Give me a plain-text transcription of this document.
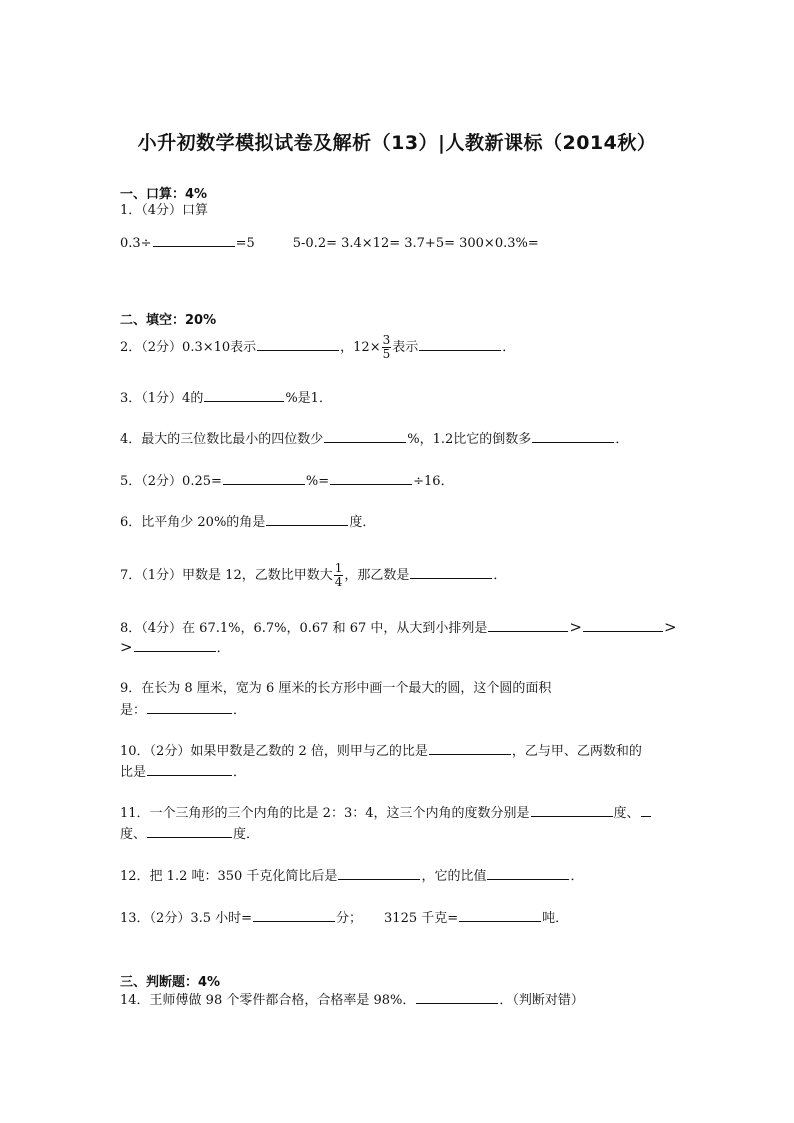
小升初数学模拟试卷及解析（13）|人教新课标（2014秋）
一、口算：4%
1．（4分）口算
0.3÷	=5	5-0.2= 3.4×12= 3.7+5= 300×0.3%=
二、填空：20%
2．（2分）0.3×10表示	，$12\times \frac{3}{5}$ 表示	．
3．（1分）4的	%是1．
4．最大的三位数比最小的四位数少	%，1.2比它的倒数多	．
5．（2分）0.25=	%=	÷16．
6．比平角少 20%的角是	度．
7．（1分）甲数是 12，乙数比甲数大 $\frac{1}{4}$ ，那乙数是	．
8．（4分）在 67.1%，6.7%，0.67 和 67 中，从大到小排列是	>	>
>	．
9．在长为 8 厘米，宽为 6 厘米的长方形中画一个最大的圆，这个圆的面积
是：	．
10．（2分）如果甲数是乙数的 2 倍，则甲与乙的比是	，乙与甲、乙两数和的
比是	．
11．一个三角形的三个内角的比是 2：3：4，这三个内角的度数分别是	度、
度、	度．
12．把 1.2 吨：350 千克化简比后是	，它的比值	．
13．（2分）3.5 小时=	分； 3125 千克=	吨．
三、判断题：4%
14．王师傅做 98 个零件都合格，合格率是 98%．	．（判断对错）
